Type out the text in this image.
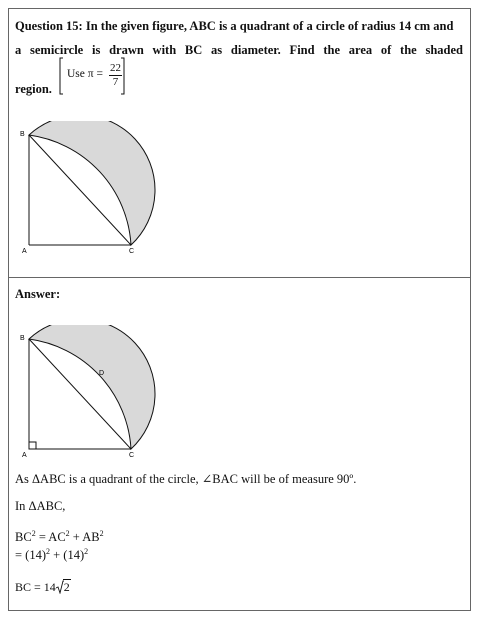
Question 15: In the given figure, ABC is a quadrant of a circle of radius 14 cm and
a semicircle is drawn with BC as diameter. Find the area of the shaded
region.
Use $\pi = \frac{22}{7}$
B
A	C
Answer:
B
D
A	C
As ΔABC is a quadrant of the circle, ∠BAC will be of measure 90º.
In ΔABC,
$BC^2 = AC^2 + AB^2$
= $(14)^2 + (14)^2$
BC = 14 2
